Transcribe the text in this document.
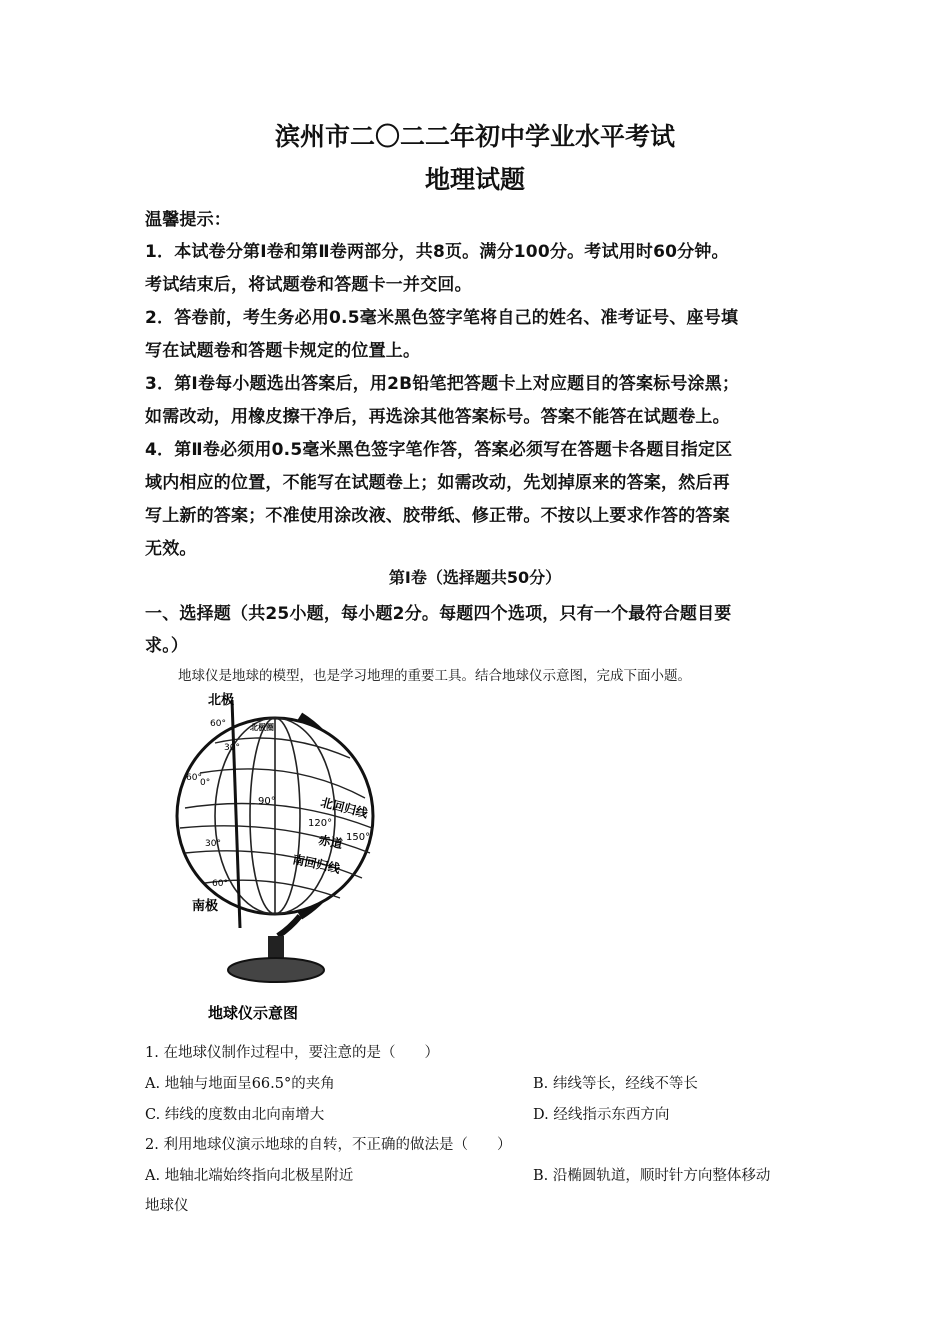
滨州市二〇二二年初中学业水平考试
地理试题
温馨提示：
1．本试卷分第Ⅰ卷和第Ⅱ卷两部分，共8页。满分100分。考试用时60分钟。
考试结束后，将试题卷和答题卡一并交回。
2．答卷前，考生务必用0.5毫米黑色签字笔将自己的姓名、准考证号、座号填
写在试题卷和答题卡规定的位置上。
3．第Ⅰ卷每小题选出答案后，用2B铅笔把答题卡上对应题目的答案标号涂黑；
如需改动，用橡皮擦干净后，再选涂其他答案标号。答案不能答在试题卷上。
4．第Ⅱ卷必须用0.5毫米黑色签字笔作答，答案必须写在答题卡各题目指定区
域内相应的位置，不能写在试题卷上；如需改动，先划掉原来的答案，然后再
写上新的答案；不准使用涂改液、胶带纸、修正带。不按以上要求作答的答案
无效。
第Ⅰ卷（选择题共50分）
一、选择题（共25小题，每小题2分。每题四个选项，只有一个最符合题目要
求。）
地球仪是地球的模型，也是学习地理的重要工具。结合地球仪示意图，完成下面小题。
北极
南极
北极圈
北回归线
赤道
南回归线
60°
30°
60°
0°
90°
120°
150°
30°
60°
地球仪示意图
1. 在地球仪制作过程中，要注意的是（　　）
A. 地轴与地面呈66.5°的夹角	B. 纬线等长，经线不等长
C. 纬线的度数由北向南增大	D. 经线指示东西方向
2. 利用地球仪演示地球的自转，不正确的做法是（　　）
A. 地轴北端始终指向北极星附近	B. 沿椭圆轨道，顺时针方向整体移动
地球仪
